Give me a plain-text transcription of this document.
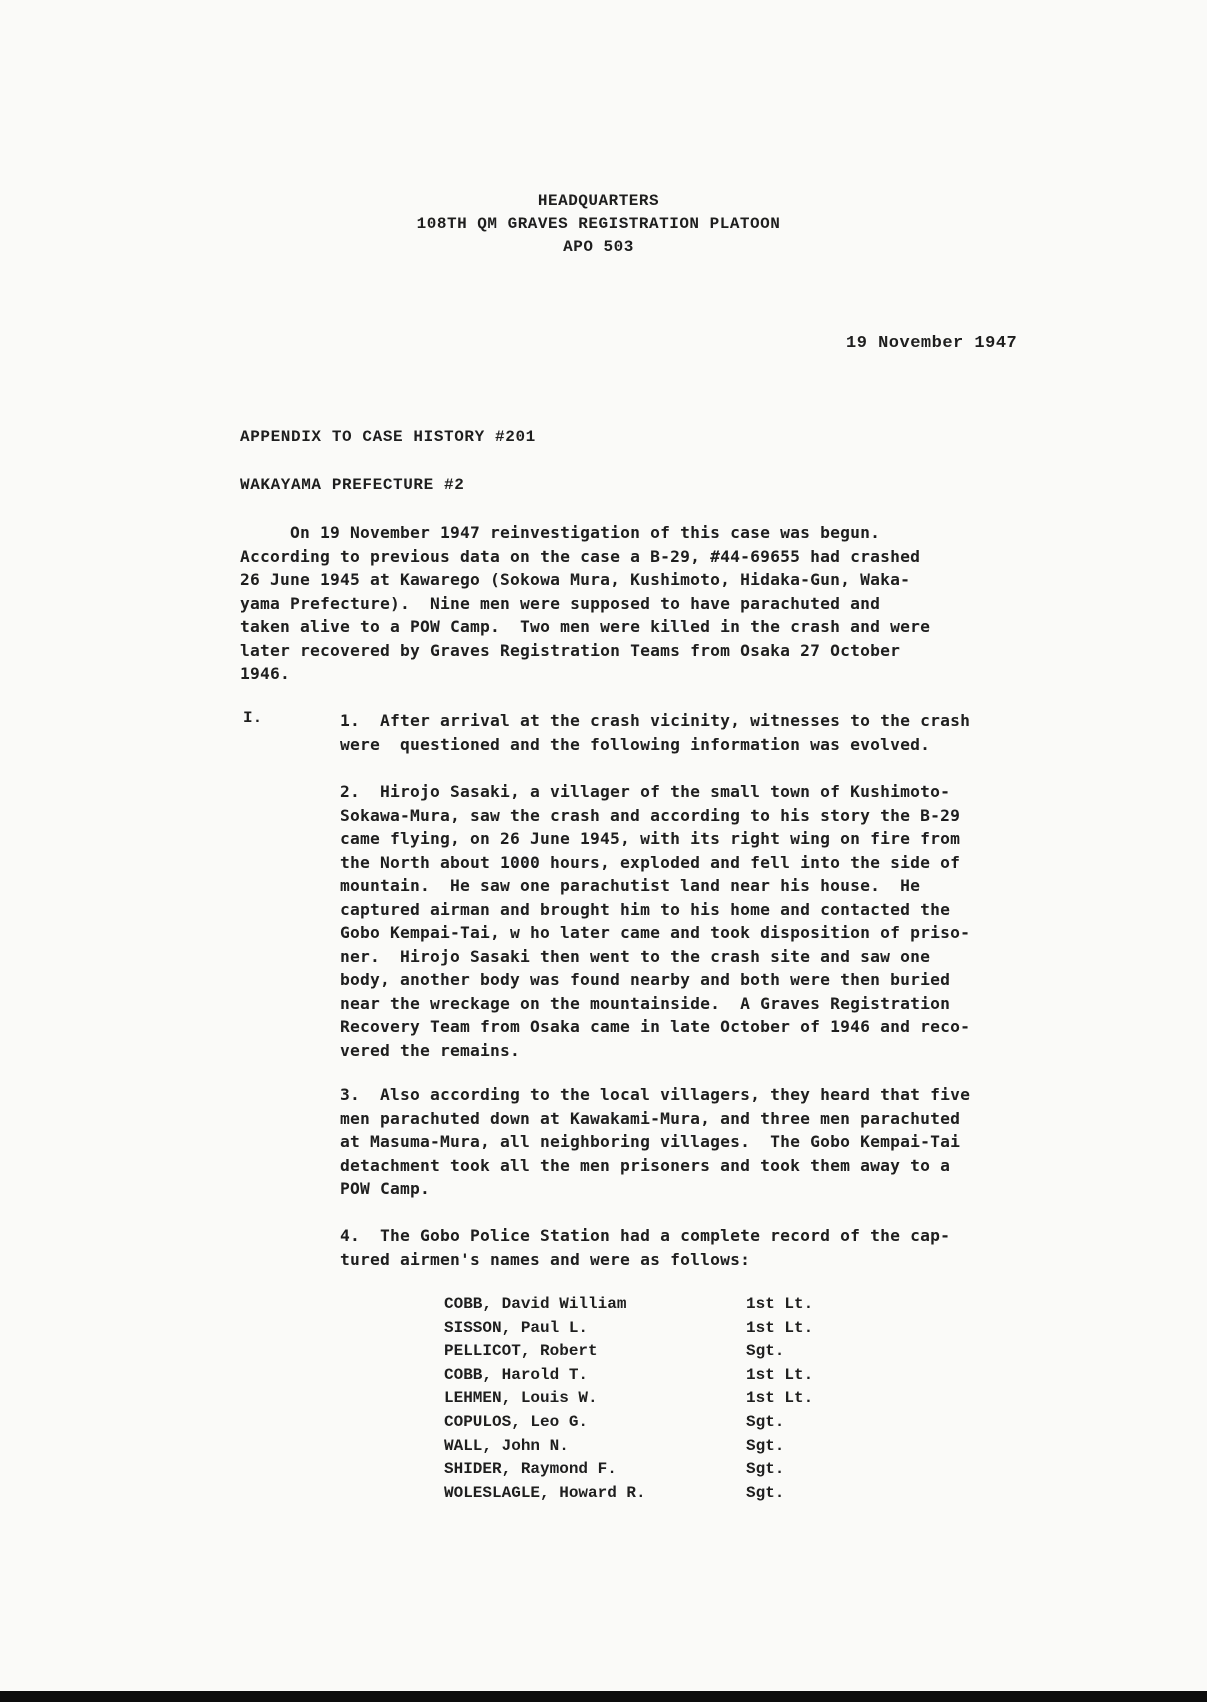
HEADQUARTERS
108TH QM GRAVES REGISTRATION PLATOON
APO 503
19 November 1947
APPENDIX TO CASE HISTORY #201
WAKAYAMA PREFECTURE #2
On 19 November 1947 reinvestigation of this case was begun.
According to previous data on the case a B-29, #44-69655 had crashed
26 June 1945 at Kawarego (Sokowa Mura, Kushimoto, Hidaka-Gun, Waka-
yama Prefecture).  Nine men were supposed to have parachuted and
taken alive to a POW Camp.  Two men were killed in the crash and were
later recovered by Graves Registration Teams from Osaka 27 October
1946.
I.	1.  After arrival at the crash vicinity, witnesses to the crash
were  questioned and the following information was evolved.
2.  Hirojo Sasaki, a villager of the small town of Kushimoto-
Sokawa-Mura, saw the crash and according to his story the B-29
came flying, on 26 June 1945, with its right wing on fire from
the North about 1000 hours, exploded and fell into the side of
mountain.  He saw one parachutist land near his house.  He
captured airman and brought him to his home and contacted the
Gobo Kempai-Tai, w ho later came and took disposition of priso-
ner.  Hirojo Sasaki then went to the crash site and saw one
body, another body was found nearby and both were then buried
near the wreckage on the mountainside.  A Graves Registration
Recovery Team from Osaka came in late October of 1946 and reco-
vered the remains.
3.  Also according to the local villagers, they heard that five
men parachuted down at Kawakami-Mura, and three men parachuted
at Masuma-Mura, all neighboring villages.  The Gobo Kempai-Tai
detachment took all the men prisoners and took them away to a
POW Camp.
4.  The Gobo Police Station had a complete record of the cap-
tured airmen's names and were as follows:
COBB, David William	1st Lt.
SISSON, Paul L.	1st Lt.
PELLICOT, Robert	Sgt.
COBB, Harold T.	1st Lt.
LEHMEN, Louis W.	1st Lt.
COPULOS, Leo G.	Sgt.
WALL, John N.	Sgt.
SHIDER, Raymond F.	Sgt.
WOLESLAGLE, Howard R.	Sgt.
